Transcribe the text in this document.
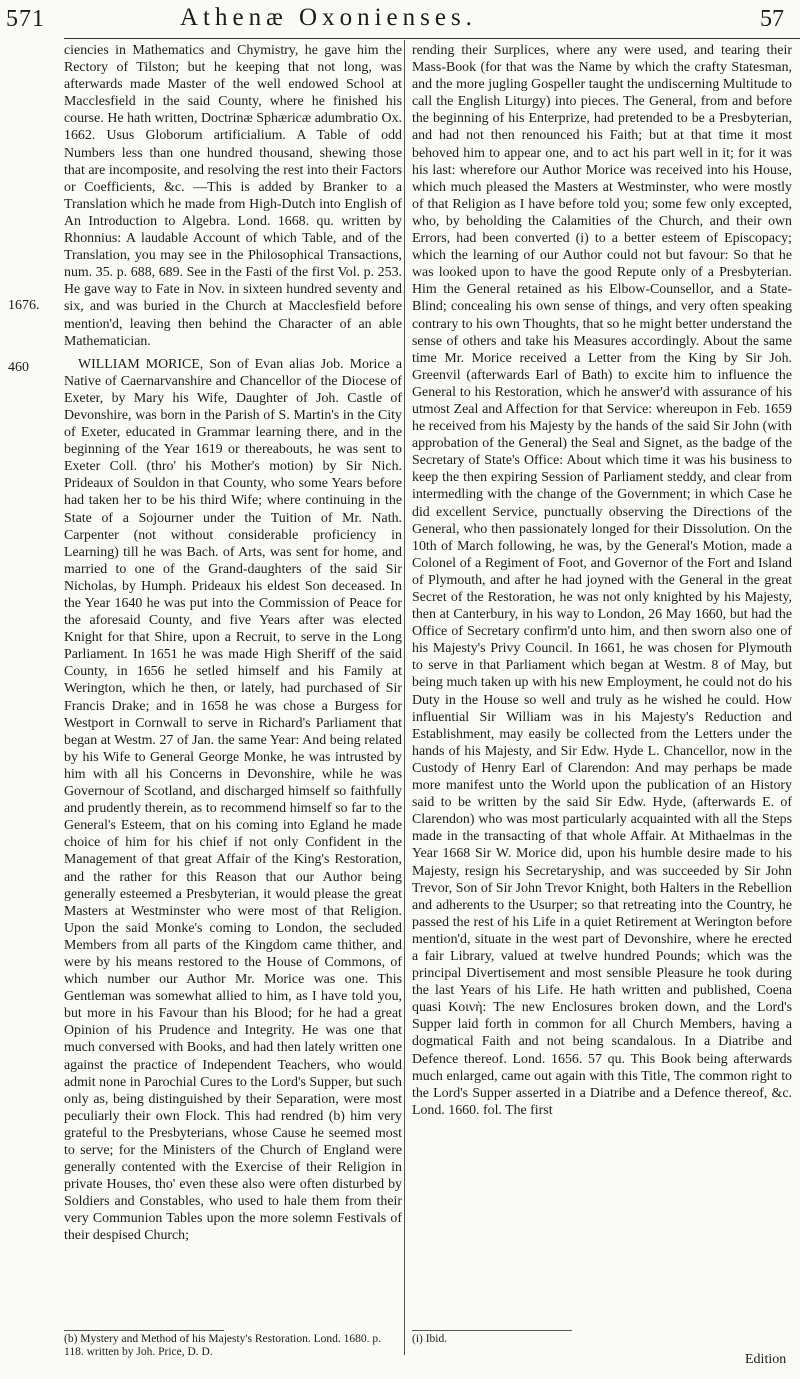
571	Athenæ Oxonienses.	57
1676.
460

ciencies in Mathematics and Chymistry, he gave him the Rectory of Tilston; but he keeping that not long, was afterwards made Master of the well endowed School at Macclesfield in the said County, where he finished his course. He hath written, Doctrinæ Sphæricæ adumbratio Ox. 1662. Usus Globorum artificialium. A Table of odd Numbers less than one hundred thousand, shewing those that are incomposite, and resolving the rest into their Factors or Coefficients, &c. —This is added by Branker to a Translation which he made from High-Dutch into English of An Introduction to Algebra. Lond. 1668. qu. written by Rhonnius: A laudable Account of which Table, and of the Translation, you may see in the Philosophical Transactions, num. 35. p. 688, 689. See in the Fasti of the first Vol. p. 253. He gave way to Fate in Nov. in sixteen hundred seventy and six, and was buried in the Church at Macclesfield before mention'd, leaving then behind the Character of an able Mathematician.

WILLIAM MORICE, Son of Evan alias Job. Morice a Native of Caernarvanshire and Chancellor of the Diocese of Exeter, by Mary his Wife, Daughter of Joh. Castle of Devonshire, was born in the Parish of S. Martin's in the City of Exeter, educated in Grammar learning there, and in the beginning of the Year 1619 or thereabouts, he was sent to Exeter Coll. (thro' his Mother's motion) by Sir Nich. Prideaux of Souldon in that County, who some Years before had taken her to be his third Wife; where continuing in the State of a Sojourner under the Tuition of Mr. Nath. Carpenter (not without considerable proficiency in Learning) till he was Bach. of Arts, was sent for home, and married to one of the Grand-daughters of the said Sir Nicholas, by Humph. Prideaux his eldest Son deceased. In the Year 1640 he was put into the Commission of Peace for the aforesaid County, and five Years after was elected Knight for that Shire, upon a Recruit, to serve in the Long Parliament. In 1651 he was made High Sheriff of the said County, in 1656 he setled himself and his Family at Werington, which he then, or lately, had purchased of Sir Francis Drake; and in 1658 he was chose a Burgess for Westport in Cornwall to serve in Richard's Parliament that began at Westm. 27 of Jan. the same Year: And being related by his Wife to General George Monke, he was intrusted by him with all his Concerns in Devonshire, while he was Governour of Scotland, and discharged himself so faithfully and prudently therein, as to recommend himself so far to the General's Esteem, that on his coming into Egland he made choice of him for his chief if not only Confident in the Management of that great Affair of the King's Restoration, and the rather for this Reason that our Author being generally esteemed a Presbyterian, it would please the great Masters at Westminster who were most of that Religion. Upon the said Monke's coming to London, the secluded Members from all parts of the Kingdom came thither, and were by his means restored to the House of Commons, of which number our Author Mr. Morice was one. This Gentleman was somewhat allied to him, as I have told you, but more in his Favour than his Blood; for he had a great Opinion of his Prudence and Integrity. He was one that much conversed with Books, and had then lately written one against the practice of Independent Teachers, who would admit none in Parochial Cures to the Lord's Supper, but such only as, being distinguished by their Separation, were most peculiarly their own Flock. This had rendred (b) him very grateful to the Presbyterians, whose Cause he seemed most to serve; for the Ministers of the Church of England were generally contented with the Exercise of their Religion in private Houses, tho' even these also were often disturbed by Soldiers and Constables, who used to hale them from their very Communion Tables upon the more solemn Festivals of their despised Church;

rending their Surplices, where any were used, and tearing their Mass-Book (for that was the Name by which the crafty Statesman, and the more jugling Gospeller taught the undiscerning Multitude to call the English Liturgy) into pieces. The General, from and before the beginning of his Enterprize, had pretended to be a Presbyterian, and had not then renounced his Faith; but at that time it most behoved him to appear one, and to act his part well in it; for it was his last: wherefore our Author Morice was received into his House, which much pleased the Masters at Westminster, who were mostly of that Religion as I have before told you; some few only excepted, who, by beholding the Calamities of the Church, and their own Errors, had been converted (i) to a better esteem of Episcopacy; which the learning of our Author could not but favour: So that he was looked upon to have the good Repute only of a Presbyterian. Him the General retained as his Elbow-Counsellor, and a State-Blind; concealing his own sense of things, and very often speaking contrary to his own Thoughts, that so he might better understand the sense of others and take his Measures accordingly. About the same time Mr. Morice received a Letter from the King by Sir Joh. Greenvil (afterwards Earl of Bath) to excite him to influence the General to his Restoration, which he answer'd with assurance of his utmost Zeal and Affection for that Service: whereupon in Feb. 1659 he received from his Majesty by the hands of the said Sir John (with approbation of the General) the Seal and Signet, as the badge of the Secretary of State's Office: About which time it was his business to keep the then expiring Session of Parliament steddy, and clear from intermedling with the change of the Government; in which Case he did excellent Service, punctually observing the Directions of the General, who then passionately longed for their Dissolution. On the 10th of March following, he was, by the General's Motion, made a Colonel of a Regiment of Foot, and Governor of the Fort and Island of Plymouth, and after he had joyned with the General in the great Secret of the Restoration, he was not only knighted by his Majesty, then at Canterbury, in his way to London, 26 May 1660, but had the Office of Secretary confirm'd unto him, and then sworn also one of his Majesty's Privy Council. In 1661, he was chosen for Plymouth to serve in that Parliament which began at Westm. 8 of May, but being much taken up with his new Employment, he could not do his Duty in the House so well and truly as he wished he could. How influential Sir William was in his Majesty's Reduction and Establishment, may easily be collected from the Letters under the hands of his Majesty, and Sir Edw. Hyde L. Chancellor, now in the Custody of Henry Earl of Clarendon: And may perhaps be made more manifest unto the World upon the publication of an History said to be written by the said Sir Edw. Hyde, (afterwards E. of Clarendon) who was most particularly acquainted with all the Steps made in the transacting of that whole Affair. At Mithaelmas in the Year 1668 Sir W. Morice did, upon his humble desire made to his Majesty, resign his Secretaryship, and was succeeded by Sir John Trevor, Son of Sir John Trevor Knight, both Halters in the Rebellion and adherents to the Usurper; so that retreating into the Country, he passed the rest of his Life in a quiet Retirement at Werington before mention'd, situate in the west part of Devonshire, where he erected a fair Library, valued at twelve hundred Pounds; which was the principal Divertisement and most sensible Pleasure he took during the last Years of his Life. He hath written and published, Coena quasi Κοινὴ: The new Enclosures broken down, and the Lord's Supper laid forth in common for all Church Members, having a dogmatical Faith and not being scandalous. In a Diatribe and Defence thereof. Lond. 1656. 57 qu. This Book being afterwards much enlarged, came out again with this Title, The common right to the Lord's Supper asserted in a Diatribe and a Defence thereof, &c. Lond. 1660. fol. The first

(b) Mystery and Method of his Majesty's Restoration. Lond. 1680. p. 118. written by Joh. Price, D. D.
(i) Ibid.
Edition
